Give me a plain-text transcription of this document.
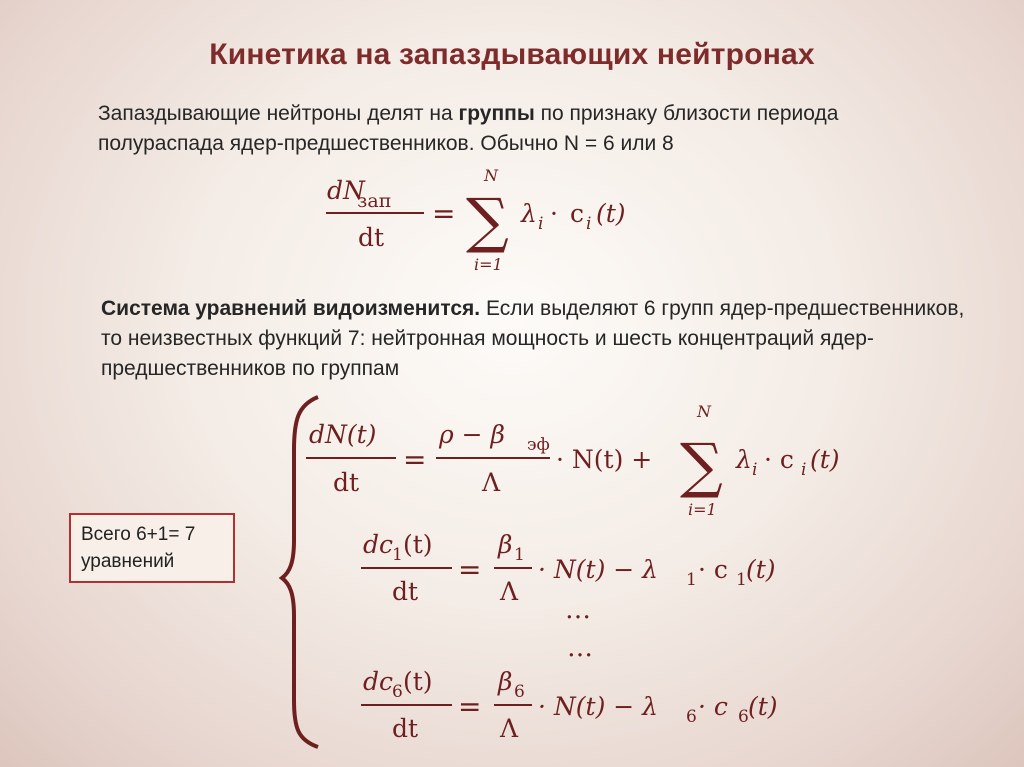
Кинетика на запаздывающих нейтронах
Запаздывающие нейтроны делят на группы по признаку близости периода полураспада ядер-предшественников. Обычно N = 6 или 8
Система уравнений видоизменится. Если выделяют 6 групп ядер-предшественников, то неизвестных функций 7: нейтронная мощность и шесть концентраций ядер-предшественников по группам
Всего 6+1= 7
уравнений
dN
зап
dt
=
N
∑
i=1
λ i · c i (t)
dN(t)
dt
=
ρ − β эф
Λ
· N(t) +
N
∑
i=1
λ i · c i (t)
dc
1 (t)
dt
=
β 1
Λ
· N(t) − λ 1 · c 1 (t)
…
…
dc
6 (t)
dt
=
β 6
Λ
· N(t) − λ 6 · c 6 (t)
